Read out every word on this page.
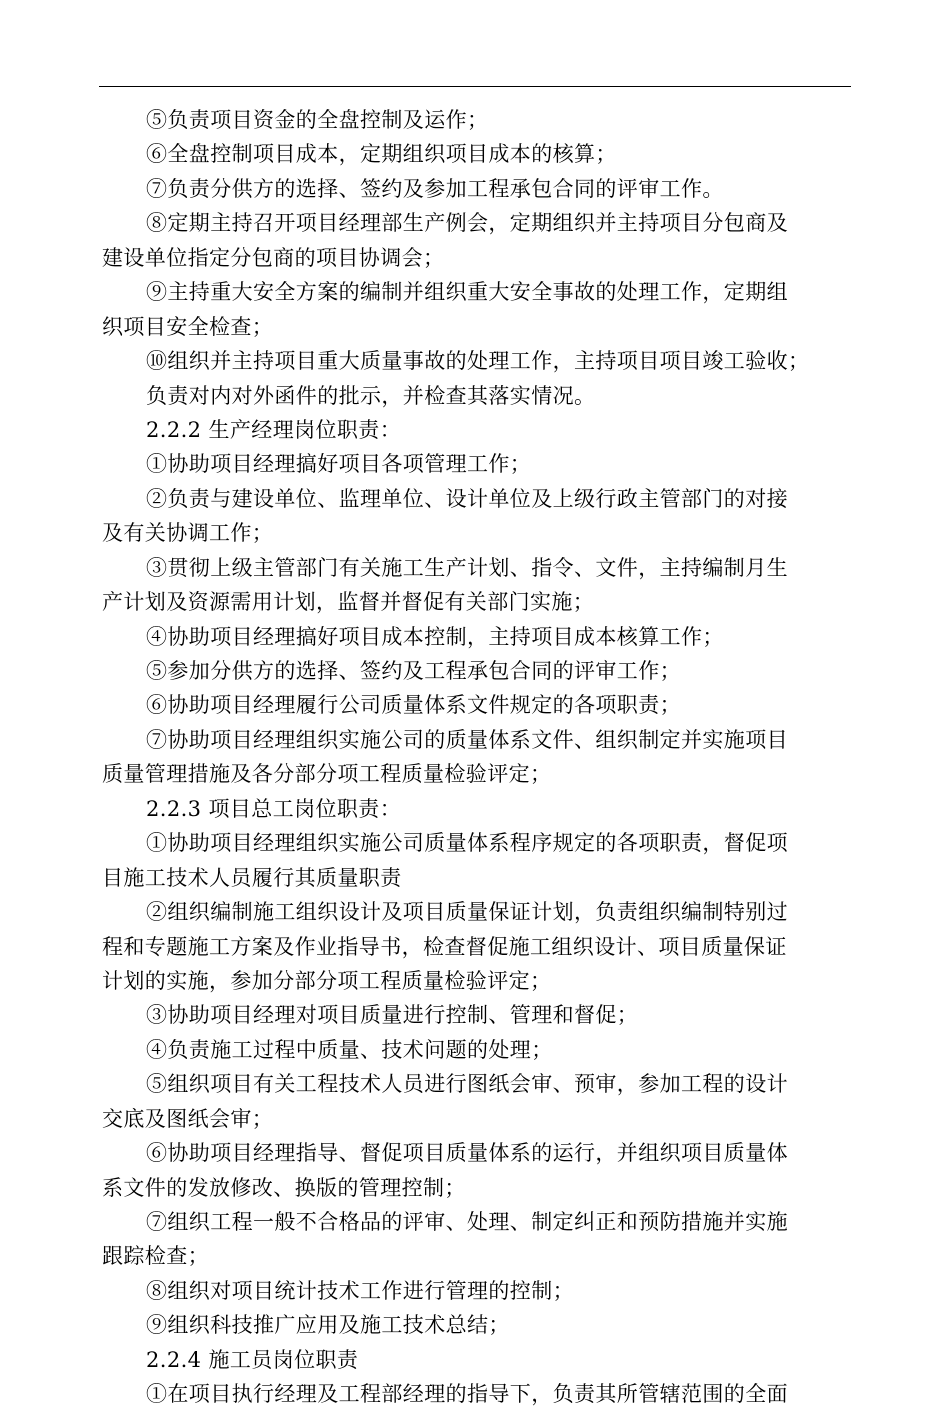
⑤负责项目资金的全盘控制及运作；
⑥全盘控制项目成本，定期组织项目成本的核算；
⑦负责分供方的选择、签约及参加工程承包合同的评审工作。
⑧定期主持召开项目经理部生产例会，定期组织并主持项目分包商及
建设单位指定分包商的项目协调会；
⑨主持重大安全方案的编制并组织重大安全事故的处理工作，定期组
织项目安全检查；
⑩组织并主持项目重大质量事故的处理工作，主持项目项目竣工验收；
负责对内对外函件的批示，并检查其落实情况。
2.2.2 生产经理岗位职责：
①协助项目经理搞好项目各项管理工作；
②负责与建设单位、监理单位、设计单位及上级行政主管部门的对接
及有关协调工作；
③贯彻上级主管部门有关施工生产计划、指令、文件，主持编制月生
产计划及资源需用计划，监督并督促有关部门实施；
④协助项目经理搞好项目成本控制，主持项目成本核算工作；
⑤参加分供方的选择、签约及工程承包合同的评审工作；
⑥协助项目经理履行公司质量体系文件规定的各项职责；
⑦协助项目经理组织实施公司的质量体系文件、组织制定并实施项目
质量管理措施及各分部分项工程质量检验评定；
2.2.3 项目总工岗位职责：
①协助项目经理组织实施公司质量体系程序规定的各项职责，督促项
目施工技术人员履行其质量职责
②组织编制施工组织设计及项目质量保证计划，负责组织编制特别过
程和专题施工方案及作业指导书，检查督促施工组织设计、项目质量保证
计划的实施，参加分部分项工程质量检验评定；
③协助项目经理对项目质量进行控制、管理和督促；
④负责施工过程中质量、技术问题的处理；
⑤组织项目有关工程技术人员进行图纸会审、预审，参加工程的设计
交底及图纸会审；
⑥协助项目经理指导、督促项目质量体系的运行，并组织项目质量体
系文件的发放修改、换版的管理控制；
⑦组织工程一般不合格品的评审、处理、制定纠正和预防措施并实施
跟踪检查；
⑧组织对项目统计技术工作进行管理的控制；
⑨组织科技推广应用及施工技术总结；
2.2.4 施工员岗位职责
①在项目执行经理及工程部经理的指导下，负责其所管辖范围的全面
